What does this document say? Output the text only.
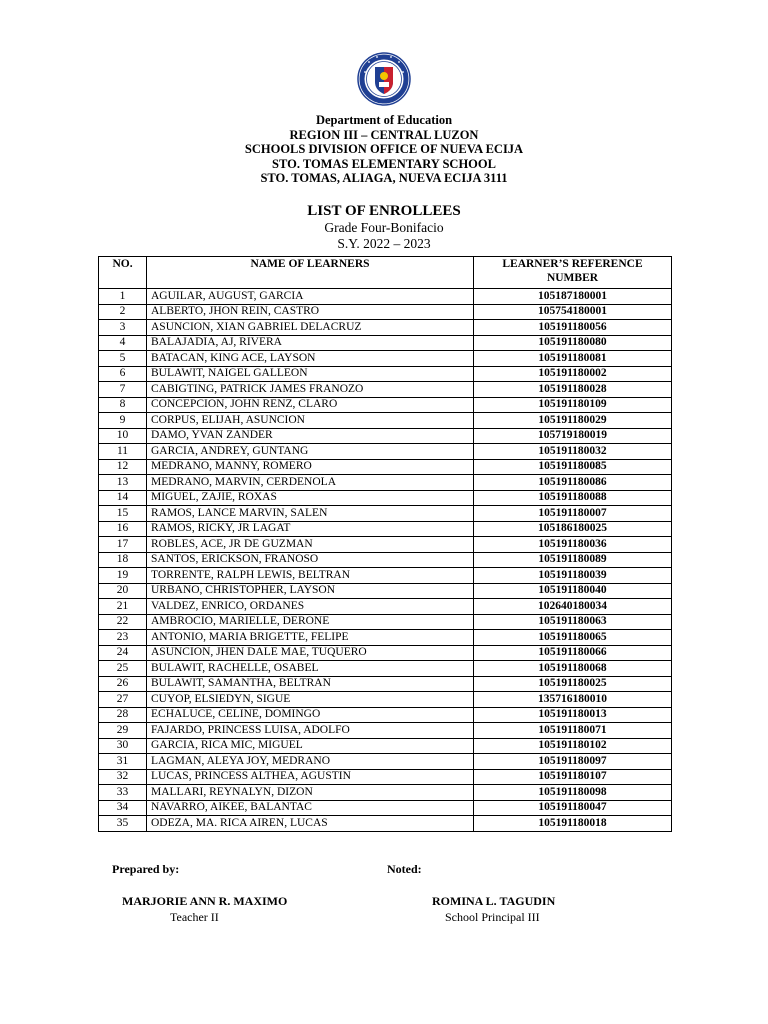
Department of Education
REGION III – CENTRAL LUZON
SCHOOLS DIVISION OFFICE OF NUEVA ECIJA
STO. TOMAS ELEMENTARY SCHOOL
STO. TOMAS, ALIAGA, NUEVA ECIJA 3111
LIST OF ENROLLEES
Grade Four-Bonifacio
S.Y. 2022 – 2023
NO.	NAME OF LEARNERS	LEARNER’S REFERENCE NUMBER
1	AGUILAR, AUGUST, GARCIA	105187180001
2	ALBERTO, JHON REIN, CASTRO	105754180001
3	ASUNCION, XIAN GABRIEL DELACRUZ	105191180056
4	BALAJADIA, AJ, RIVERA	105191180080
5	BATACAN, KING ACE, LAYSON	105191180081
6	BULAWIT, NAIGEL GALLEON	105191180002
7	CABIGTING, PATRICK JAMES FRANOZO	105191180028
8	CONCEPCION, JOHN RENZ, CLARO	105191180109
9	CORPUS, ELIJAH, ASUNCION	105191180029
10	DAMO, YVAN ZANDER	105719180019
11	GARCIA, ANDREY, GUNTANG	105191180032
12	MEDRANO, MANNY, ROMERO	105191180085
13	MEDRANO, MARVIN, CERDENOLA	105191180086
14	MIGUEL, ZAJIE, ROXAS	105191180088
15	RAMOS, LANCE MARVIN, SALEN	105191180007
16	RAMOS, RICKY, JR LAGAT	105186180025
17	ROBLES, ACE, JR DE GUZMAN	105191180036
18	SANTOS, ERICKSON, FRANOSO	105191180089
19	TORRENTE, RALPH LEWIS, BELTRAN	105191180039
20	URBANO, CHRISTOPHER, LAYSON	105191180040
21	VALDEZ, ENRICO, ORDANES	102640180034
22	AMBROCIO, MARIELLE, DERONE	105191180063
23	ANTONIO, MARIA BRIGETTE, FELIPE	105191180065
24	ASUNCION, JHEN DALE MAE, TUQUERO	105191180066
25	BULAWIT, RACHELLE, OSABEL	105191180068
26	BULAWIT, SAMANTHA, BELTRAN	105191180025
27	CUYOP, ELSIEDYN, SIGUE	135716180010
28	ECHALUCE, CELINE, DOMINGO	105191180013
29	FAJARDO, PRINCESS LUISA, ADOLFO	105191180071
30	GARCIA, RICA MIC, MIGUEL	105191180102
31	LAGMAN, ALEYA JOY, MEDRANO	105191180097
32	LUCAS, PRINCESS ALTHEA, AGUSTIN	105191180107
33	MALLARI, REYNALYN, DIZON	105191180098
34	NAVARRO, AIKEE, BALANTAC	105191180047
35	ODEZA, MA. RICA AIREN, LUCAS	105191180018
Prepared by:	Noted:
MARJORIE ANN R. MAXIMO
Teacher II
ROMINA L. TAGUDIN
School Principal III
